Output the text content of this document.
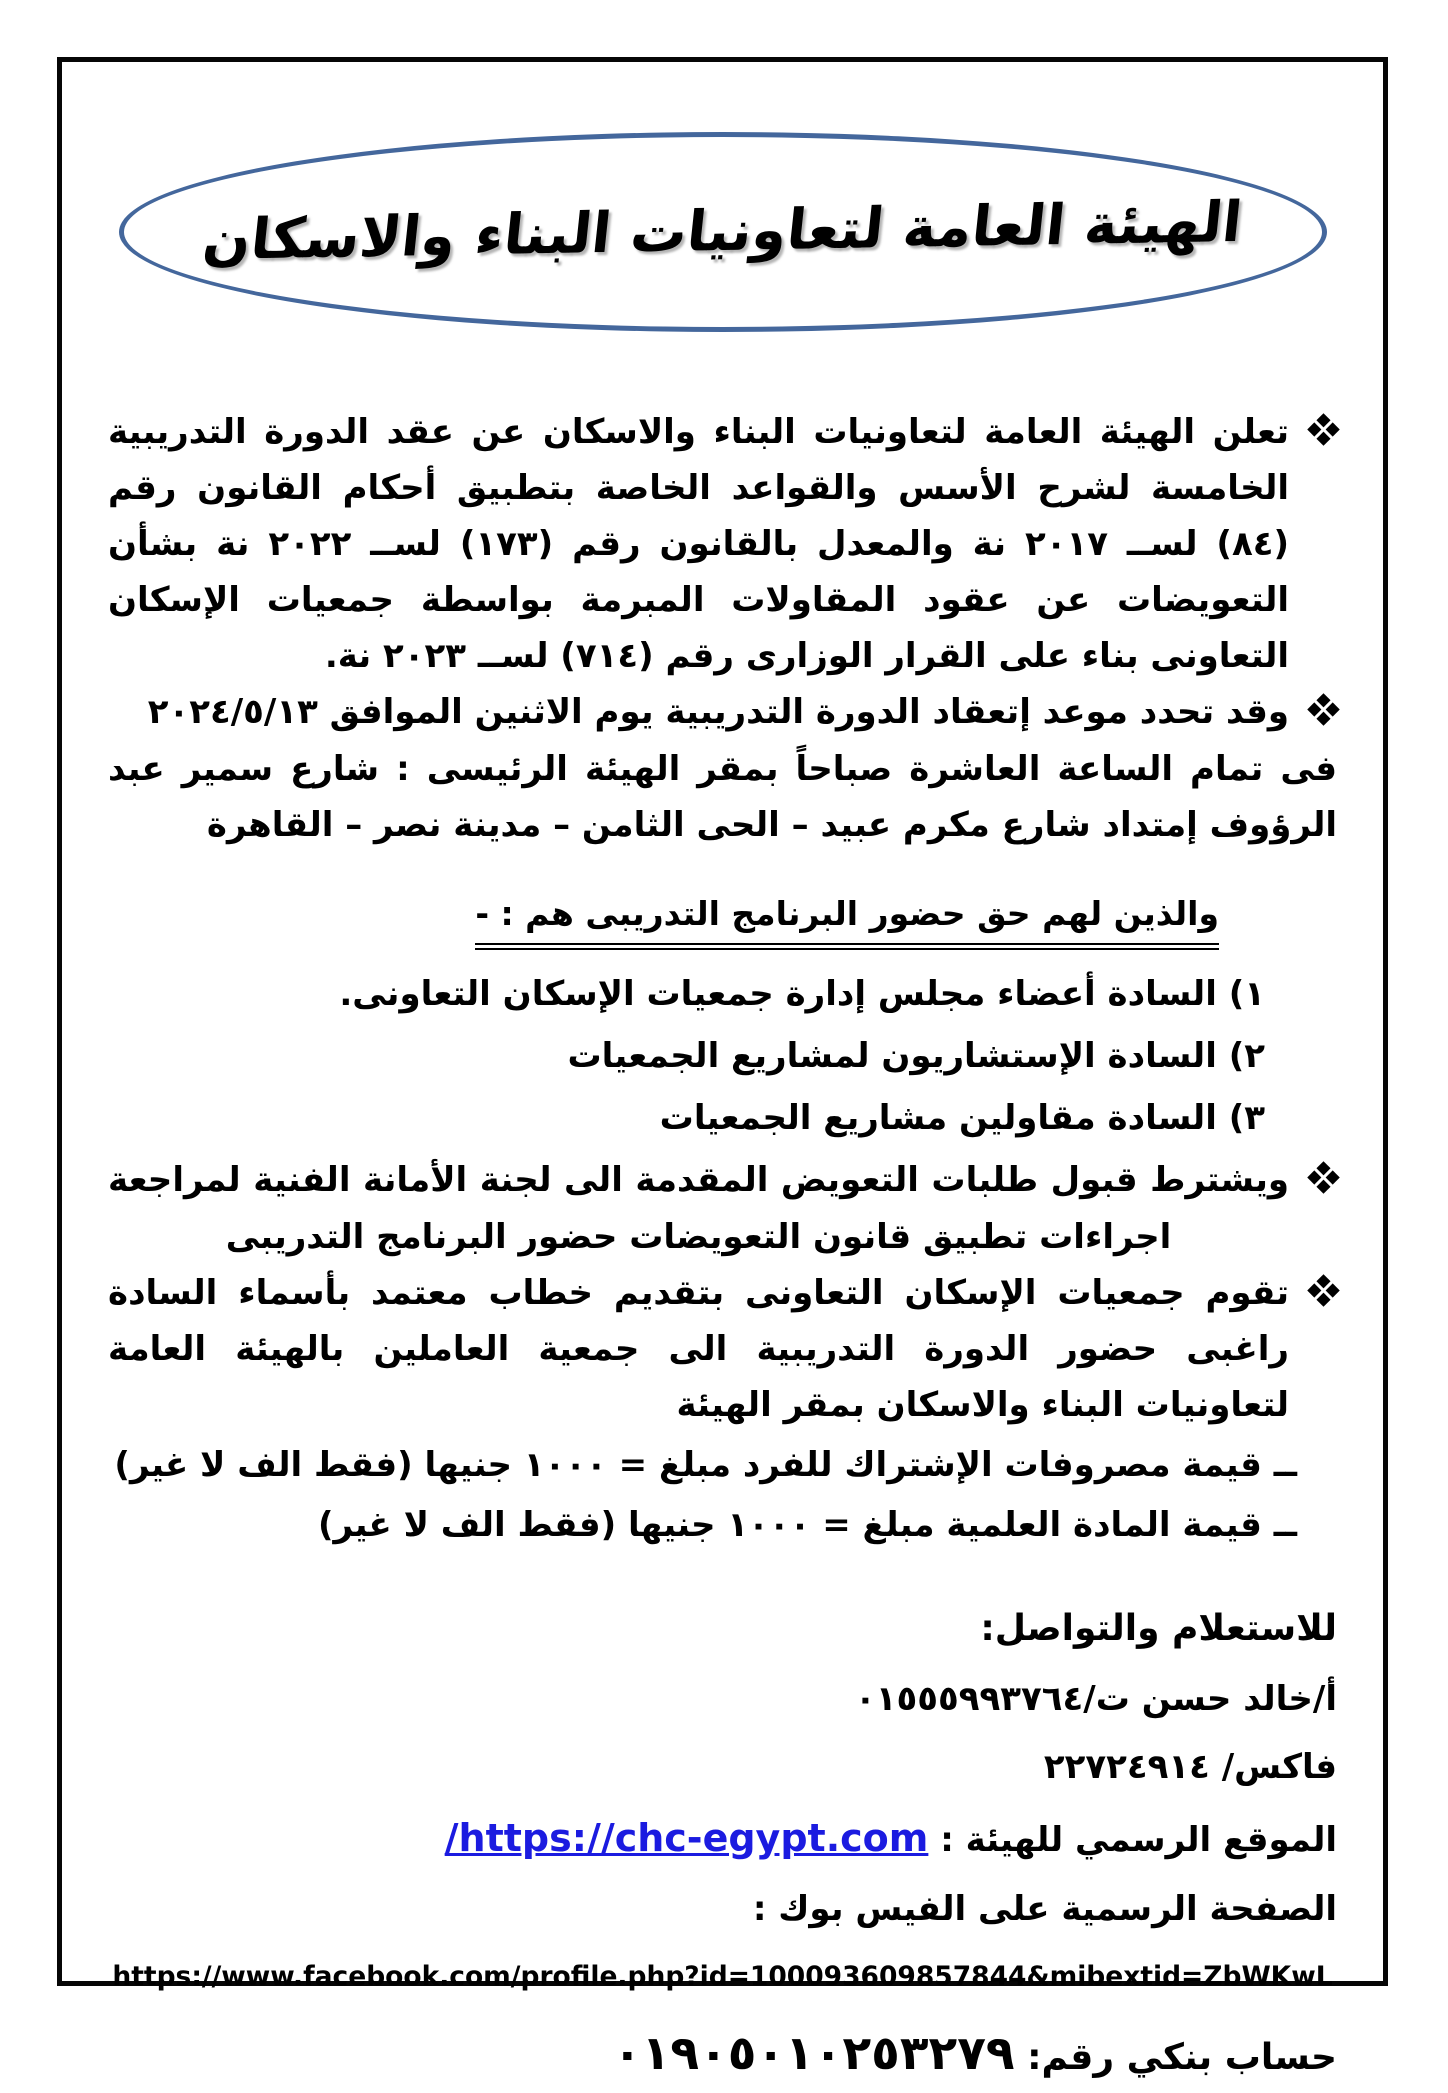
الهيئة العامة لتعاونيات البناء والاسكان

تعلن الهيئة العامة لتعاونيات البناء والاسكان عن عقد الدورة التدريبية الخامسة لشرح الأسس والقواعد الخاصة بتطبيق أحكام القانون رقم (٨٤) لســ ٢٠١٧ نة والمعدل بالقانون رقم (١٧٣) لســ ٢٠٢٢ نة بشأن التعويضات عن عقود المقاولات المبرمة بواسطة جمعيات الإسكان التعاونى بناء على القرار الوزارى رقم (٧١٤) لســ ٢٠٢٣ نة.

وقد تحدد موعد إتعقاد الدورة التدريبية يوم الاثنين الموافق ٢٠٢٤/٥/١٣

فى تمام الساعة العاشرة صباحاً بمقر الهيئة الرئيسى : شارع سمير عبد الرؤوف إمتداد شارع مكرم عبيد – الحى الثامن – مدينة نصر – القاهرة

والذين لهم حق حضور البرنامج التدريبى هم : -
١) السادة أعضاء مجلس إدارة جمعيات الإسكان التعاونى.
٢) السادة الإستشاريون لمشاريع الجمعيات
٣) السادة مقاولين مشاريع الجمعيات

ويشترط قبول طلبات التعويض المقدمة الى لجنة الأمانة الفنية لمراجعة اجراءات تطبيق قانون التعويضات حضور البرنامج التدريبى

تقوم جمعيات الإسكان التعاونى بتقديم خطاب معتمد بأسماء السادة راغبى حضور الدورة التدريبية الى جمعية العاملين بالهيئة العامة لتعاونيات البناء والاسكان بمقر الهيئة

ــ قيمة مصروفات الإشتراك للفرد مبلغ = ١٠٠٠ جنيها (فقط الف لا غير)
ــ قيمة المادة العلمية مبلغ = ١٠٠٠ جنيها (فقط الف لا غير)
للاستعلام والتواصل:
أ/خالد حسن ت/٠١٥٥٥٩٩٣٧٦٤
فاكس/ ٢٢٧٢٤٩١٤
الموقع الرسمي للهيئة : /https://chc-egypt.com
الصفحة الرسمية على الفيس بوك :
https://www.facebook.com/profile.php?id=100093609857844&mibextid=ZbWKwL
حساب بنكي رقم: ٠١٩٠٥٠١٠٢٥٣٢٧٩
